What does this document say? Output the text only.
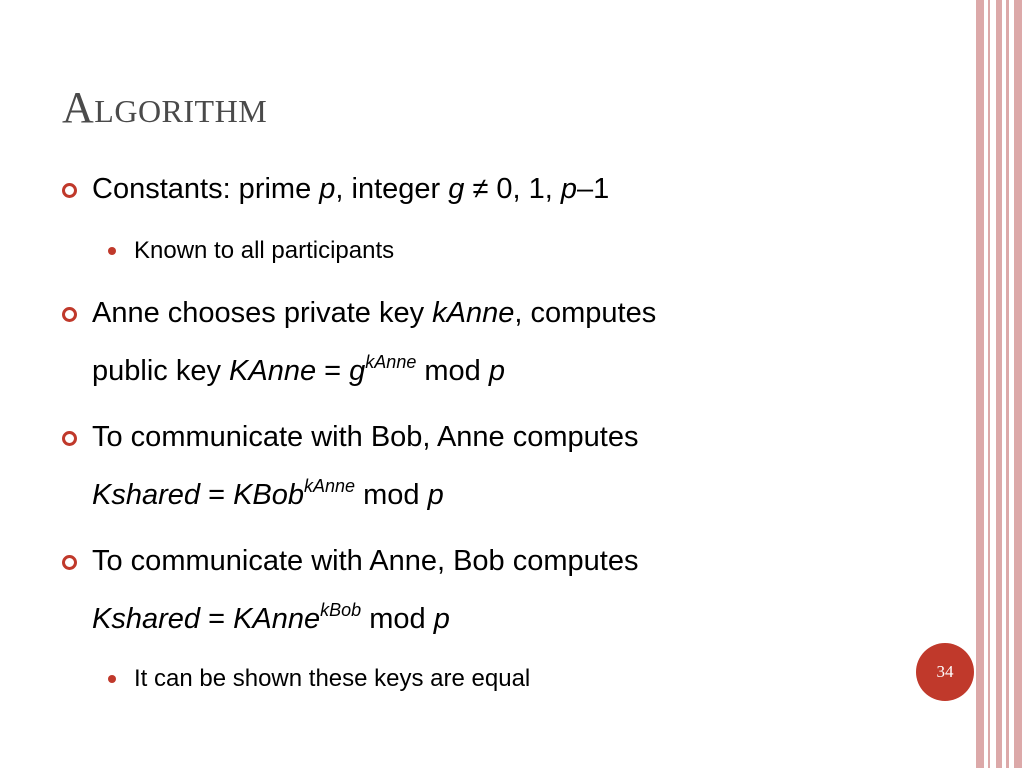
ALGORITHM
Constants: prime p, integer g ≠ 0, 1, p–1
Known to all participants
Anne chooses private key kAnne, computes
public key KAnne = $g^{kAnne}$ mod p
To communicate with Bob, Anne computes
Kshared = KBob$^{kAnne}$ mod p
To communicate with Anne, Bob computes
Kshared = KAnne$^{kBob}$ mod p
It can be shown these keys are equal	34
